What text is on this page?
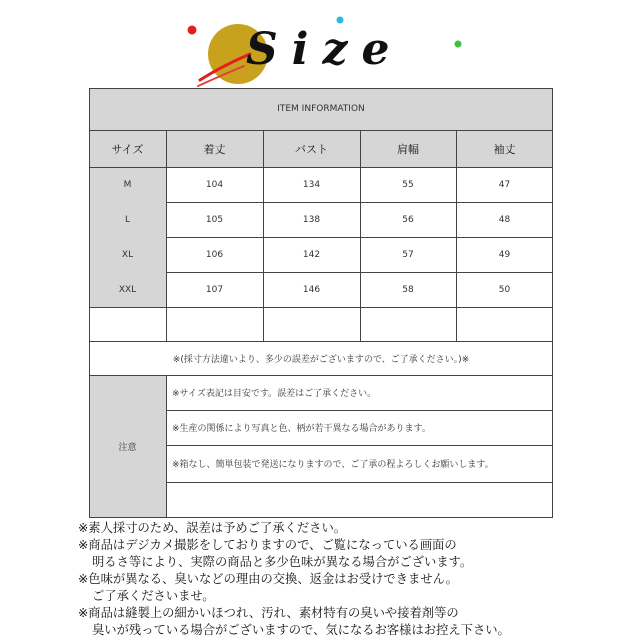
Size
ITEM INFORMATION
サイズ	着丈	バスト	肩幅	袖丈
M	104	134	55	47
L	105	138	56	48
XL	106	142	57	49
XXL	107	146	58	50
※(採寸方法違いより、多少の誤差がございますので、ご了承ください。)※
注意
※サイズ表記は目安です。誤差はご了承ください。
※生産の関係により写真と色、柄が若干異なる場合があります。
※箱なし、簡単包装で発送になりますので、ご了承の程よろしくお願いします。
※素人採寸のため、誤差は予めご了承ください。
※商品はデジカメ撮影をしておりますので、ご覧になっている画面の
明るさ等により、実際の商品と多少色味が異なる場合がございます。
※色味が異なる、臭いなどの理由の交換、返金はお受けできません。
ご了承くださいませ。
※商品は縫製上の細かいほつれ、汚れ、素材特有の臭いや接着剤等の
臭いが残っている場合がございますので、気になるお客様はお控え下さい。
